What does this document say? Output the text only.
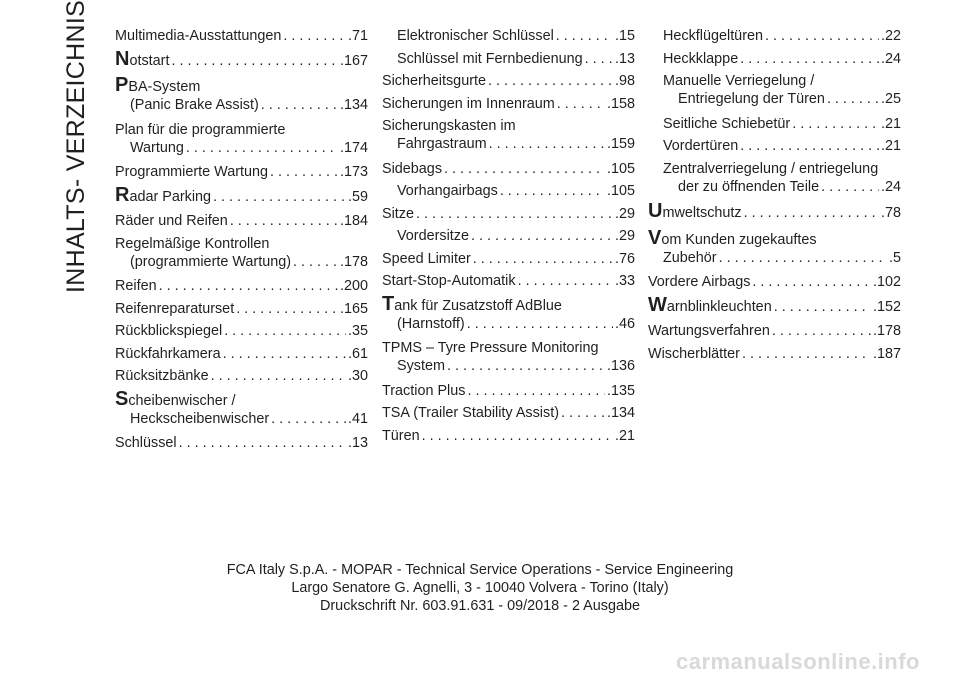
INHALTS- VERZEICHNIS Multimedia-Ausstattungen . . .	.71
Notstart . . .	.167
PBA-System
(Panic Brake Assist) . . .	.134
Plan für die programmierte
Wartung . . .	.174
Programmierte Wartung . . .	.173
Radar Parking . . .	.59
Räder und Reifen . . .	.184
Regelmäßige Kontrollen
(programmierte Wartung) . . .	.178
Reifen . . .	.200
Reifenreparaturset . . .	.165
Rückblickspiegel . . .	.35
Rückfahrkamera . . .	.61
Rücksitzbänke . . .	.30
Scheibenwischer /
Heckscheibenwischer . . .	.41
Schlüssel . . .	.13
Elektronischer Schlüssel . . .	.15
Schlüssel mit Fernbedienung . . . .13
Sicherheitsgurte . . .	.98
Sicherungen im Innenraum . . .	.158
Sicherungskasten im
Fahrgastraum . . .	.159
Sidebags . . .	.105
Vorhangairbags . . .	.105
Sitze . . .	.29
Vordersitze . . .	.29
Speed Limiter . . .	.76
Start-Stop-Automatik . . .	.33
Tank für Zusatzstoff AdBlue
(Harnstoff) . . .	.46
TPMS – Tyre Pressure Monitoring
System . . .	.136
Traction Plus . . .	.135
TSA (Trailer Stability Assist) . . .	.134
Türen . . .	.21
Heckflügeltüren . . .	.22
Heckklappe . . .	.24
Manuelle Verriegelung /
Entriegelung der Türen . . .	.25
Seitliche Schiebetür . . .	.21
Vordertüren . . .	.21
Zentralverriegelung / entriegelung
der zu öffnenden Teile . . .	.24
Umweltschutz . . .	.78
Vom Kunden zugekauftes
Zubehör . . .	.5
Vordere Airbags . . .	.102
Warnblinkleuchten . . .	.152
Wartungsverfahren . . .	.178
Wischerblätter . . .	.187
FCA Italy S.p.A. - MOPAR - Technical Service Operations - Service Engineering
Largo Senatore G. Agnelli, 3 - 10040 Volvera - Torino (Italy)
Druckschrift Nr. 603.91.631 - 09/2018 - 2 Ausgabe
carmanualsonline.info
